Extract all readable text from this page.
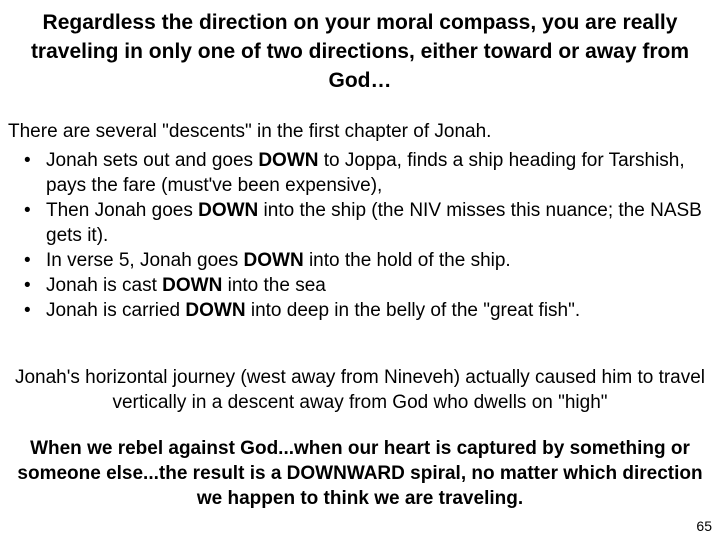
Regardless the direction on your moral compass, you are really traveling in only one of two directions, either toward or away from God…
There are several "descents" in the first chapter of Jonah.
• Jonah sets out and goes DOWN to Joppa, finds a ship heading for Tarshish, pays the fare (must've been expensive),
• Then Jonah goes DOWN into the ship (the NIV misses this nuance; the NASB gets it).
• In verse 5, Jonah goes DOWN into the hold of the ship.
• Jonah is cast DOWN into the sea
• Jonah is carried DOWN into deep in the belly of the "great fish".
Jonah's horizontal journey (west away from Nineveh) actually caused him to travel vertically in a descent away from God who dwells on "high"
When we rebel against God...when our heart is captured by something or someone else...the result is a DOWNWARD spiral, no matter which direction we happen to think we are traveling.
65
